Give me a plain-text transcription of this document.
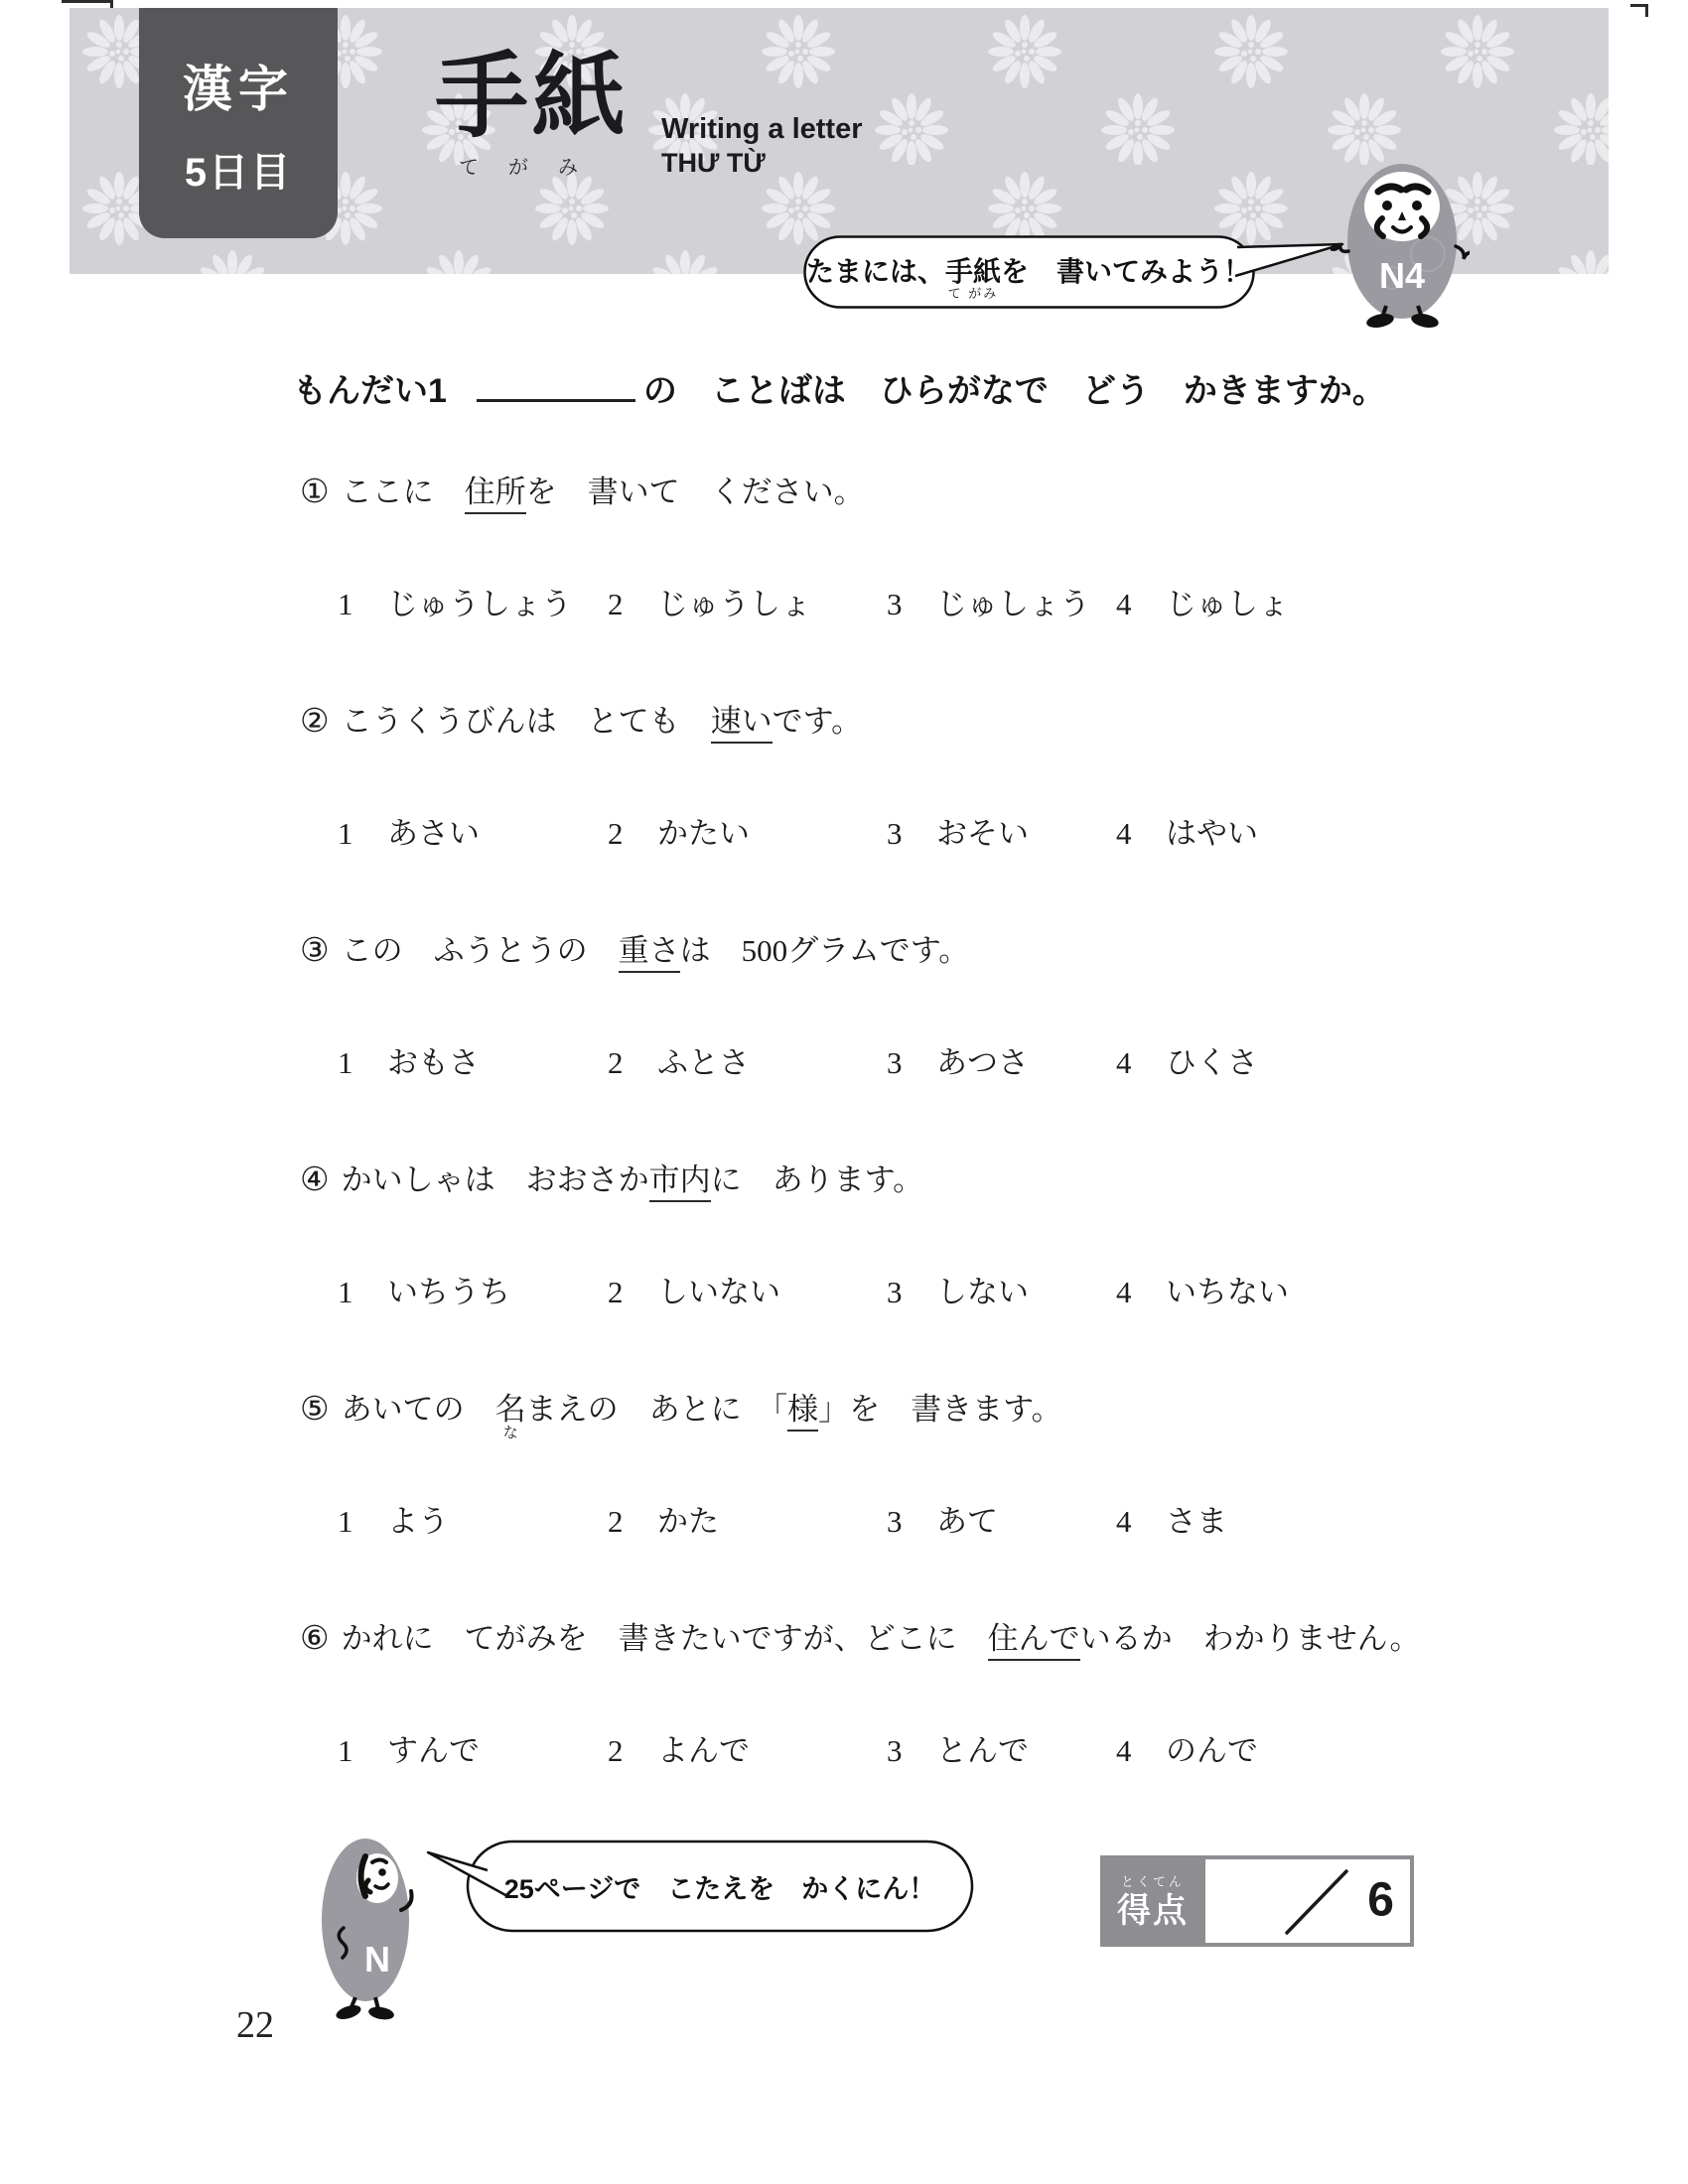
漢字
5日目
手紙
てがみ
Writing a letter
THƯ TỪ
たまには、 手紙
て がみ
を　書いてみよう！	N4
もんだい1	の　ことばは　ひらがなで　どう　かきますか。
① ここに　住所を　書いて　ください。
1 じゅうしょう 2 じゅうしょ 3 じゅしょう 4 じゅしょ
② こうくうびんは　とても　速いです。
1 あさい	2 かたい	3 おそい	4 はやい
③ この　ふうとうの　重さは　500グラムです。
1 おもさ	2 ふとさ	3 あつさ	4 ひくさ
④ かいしゃは　おおさか市内に　あります。
1 いちうち	2 しいない	3 しない	4 いちない
⑤ あいての　名
な
まえの　あとに　「様」を　書きます。
1 よう	2 かた	3 あて	4 さま
⑥ かれに　てがみを　書きたいですが、どこに　住んでいるか　わかりません。
1 すんで	2 よんで	3 とんで	4 のんで
N
25ページで　こたえを　かくにん！	とくてん
得点	6
22
